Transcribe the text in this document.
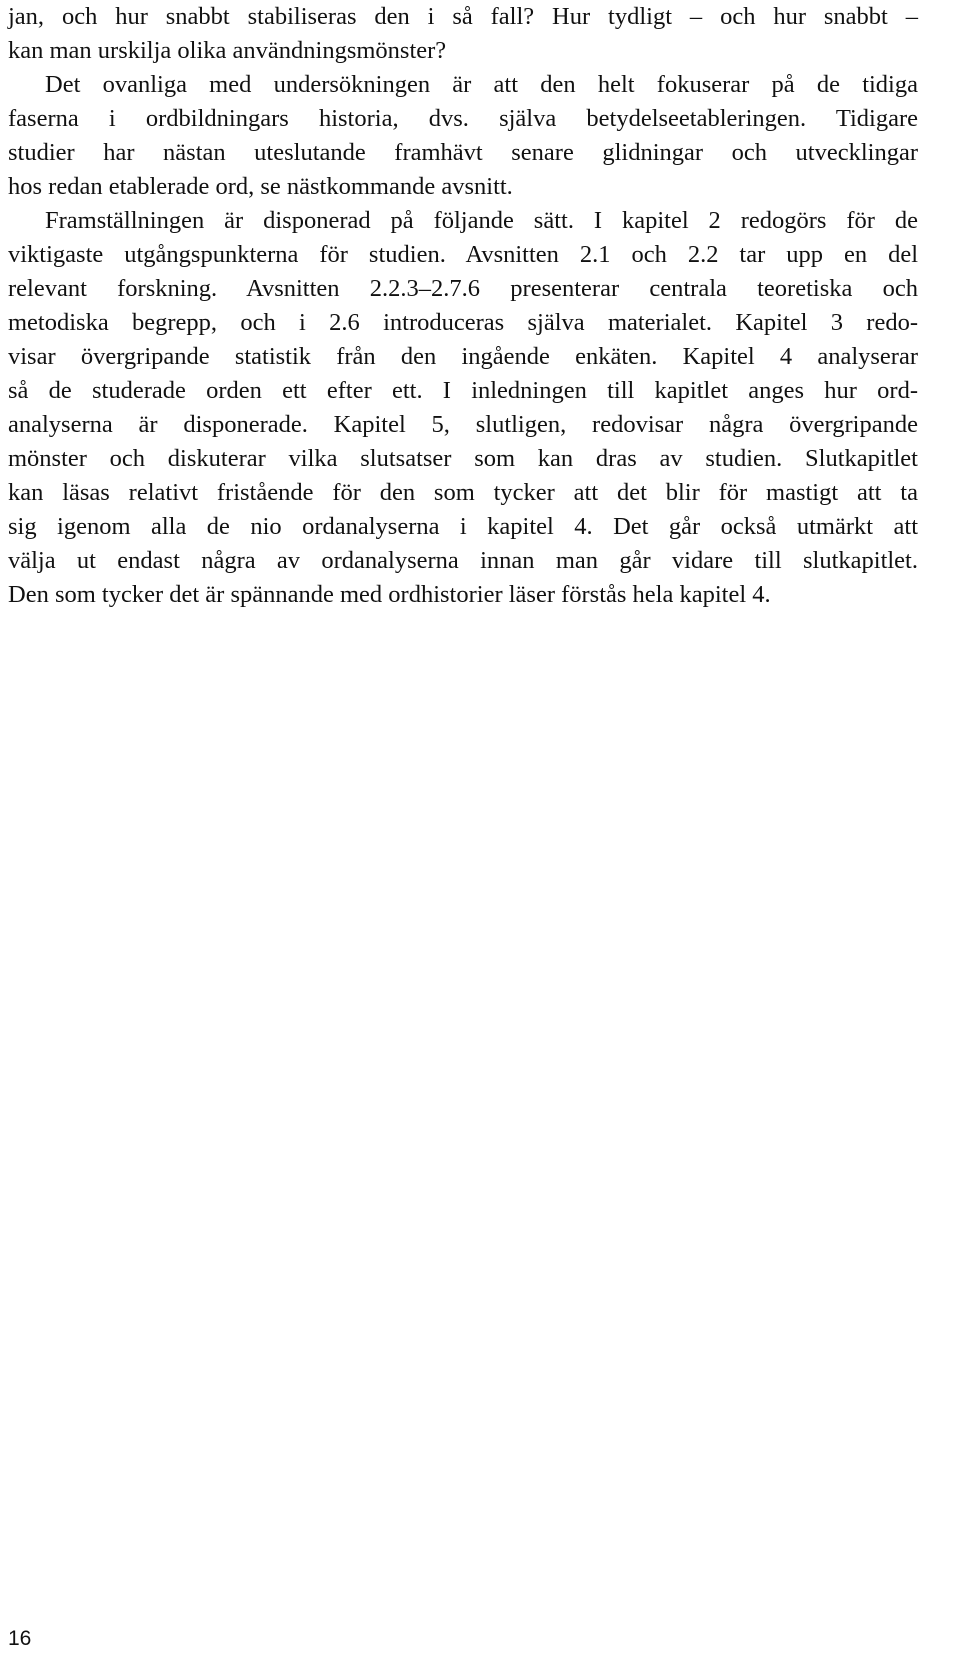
jan, och hur snabbt stabiliseras den i så fall? Hur tydligt – och hur snabbt –
kan man urskilja olika användningsmönster?
Det ovanliga med undersökningen är att den helt fokuserar på de tidiga
faserna i ordbildningars historia, dvs. själva betydelseetableringen. Tidigare
studier har nästan uteslutande framhävt senare glidningar och utvecklingar
hos redan etablerade ord, se nästkommande avsnitt.
Framställningen är disponerad på följande sätt. I kapitel 2 redogörs för de
viktigaste utgångspunkterna för studien. Avsnitten 2.1 och 2.2 tar upp en del
relevant forskning. Avsnitten 2.2.3–2.7.6 presenterar centrala teoretiska och
metodiska begrepp, och i 2.6 introduceras själva materialet. Kapitel 3 redo-
visar övergripande statistik från den ingående enkäten. Kapitel 4 analyserar
så de studerade orden ett efter ett. I inledningen till kapitlet anges hur ord-
analyserna är disponerade. Kapitel 5, slutligen, redovisar några övergripande
mönster och diskuterar vilka slutsatser som kan dras av studien. Slutkapitlet
kan läsas relativt fristående för den som tycker att det blir för mastigt att ta
sig igenom alla de nio ordanalyserna i kapitel 4. Det går också utmärkt att
välja ut endast några av ordanalyserna innan man går vidare till slutkapitlet.
Den som tycker det är spännande med ordhistorier läser förstås hela kapitel 4.
16
